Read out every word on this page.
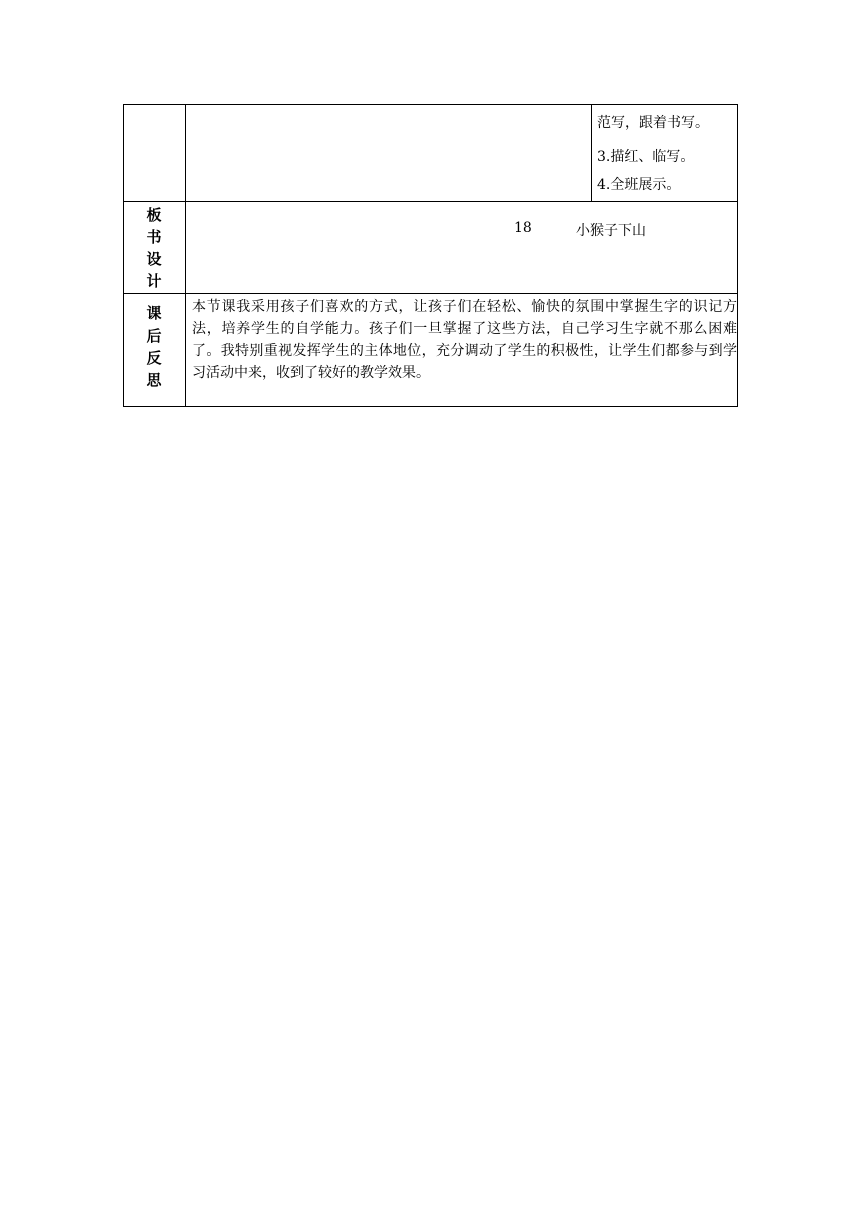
范写，跟着书写。
3.描红、临写。
4.全班展示。
板
书
设
计
18	小猴子下山
课
后
反
思
本节课我采用孩子们喜欢的方式，让孩子们在轻松、愉快的氛围中掌握生字的识记方法，培养学生的自学能力。孩子们一旦掌握了这些方法，自己学习生字就不那么困难了。我特别重视发挥学生的主体地位，充分调动了学生的积极性，让学生们都参与到学习活动中来，收到了较好的教学效果。
